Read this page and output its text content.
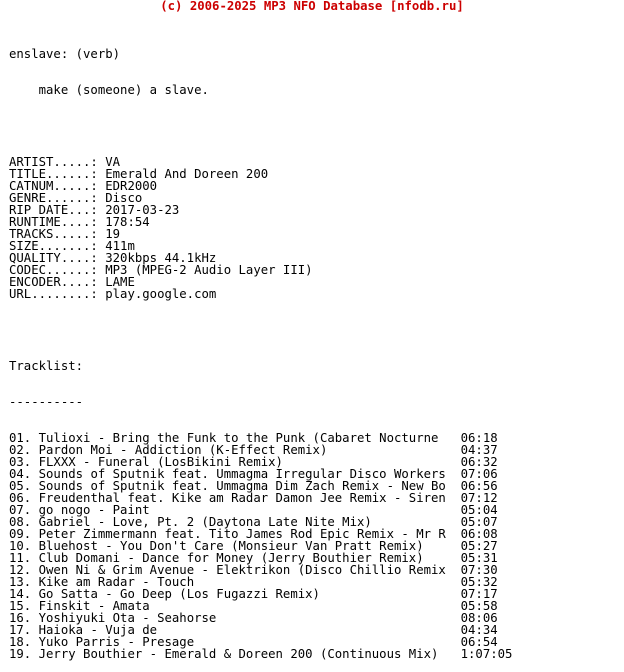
(c) 2006-2025 MP3 NFO Database [nfodb.ru]

enslave: (verb)

make (someone) a slave.

ARTIST.....: VA
TITLE......: Emerald And Doreen 200
CATNUM.....: EDR2000
GENRE......: Disco
RIP DATE...: 2017-03-23
RUNTIME....: 178:54
TRACKS.....: 19
SIZE.......: 411m
QUALITY....: 320kbps 44.1kHz
CODEC......: MP3 (MPEG-2 Audio Layer III)
ENCODER....: LAME
URL........: play.google.com

Tracklist:

----------

01. Tulioxi - Bring the Funk to the Punk (Cabaret Nocturne 06:18
02. Pardon Moi - Addiction (K-Effect Remix)	04:37
03. FLXXX - Funeral (LosBikini Remix)	06:32
04. Sounds of Sputnik feat. Ummagma Irregular Disco Workers 07:06
05. Sounds of Sputnik feat. Ummagma Dim Zach Remix - New Bo 06:56
06. Freudenthal feat. Kike am Radar Damon Jee Remix - Siren 07:12
07. go nogo - Paint	05:04
08. Gabriel - Love, Pt. 2 (Daytona Late Nite Mix)	05:07
09. Peter Zimmermann feat. Tito James Rod Epic Remix - Mr R 06:08
10. Bluehost - You Don't Care (Monsieur Van Pratt Remix)	05:27
11. Club Domani - Dance for Money (Jerry Bouthier Remix)	05:31
12. Owen Ni & Grim Avenue - Elektrikon (Disco Chillio Remix 07:30
13. Kike am Radar - Touch	05:32
14. Go Satta - Go Deep (Los Fugazzi Remix)	07:17
15. Finskit - Amata	05:58
16. Yoshiyuki Ota - Seahorse	08:06
17. Haioka - Vuja de	04:34
18. Yuko Parris - Presage	06:54
19. Jerry Bouthier - Emerald & Doreen 200 (Continuous Mix) 1:07:05
